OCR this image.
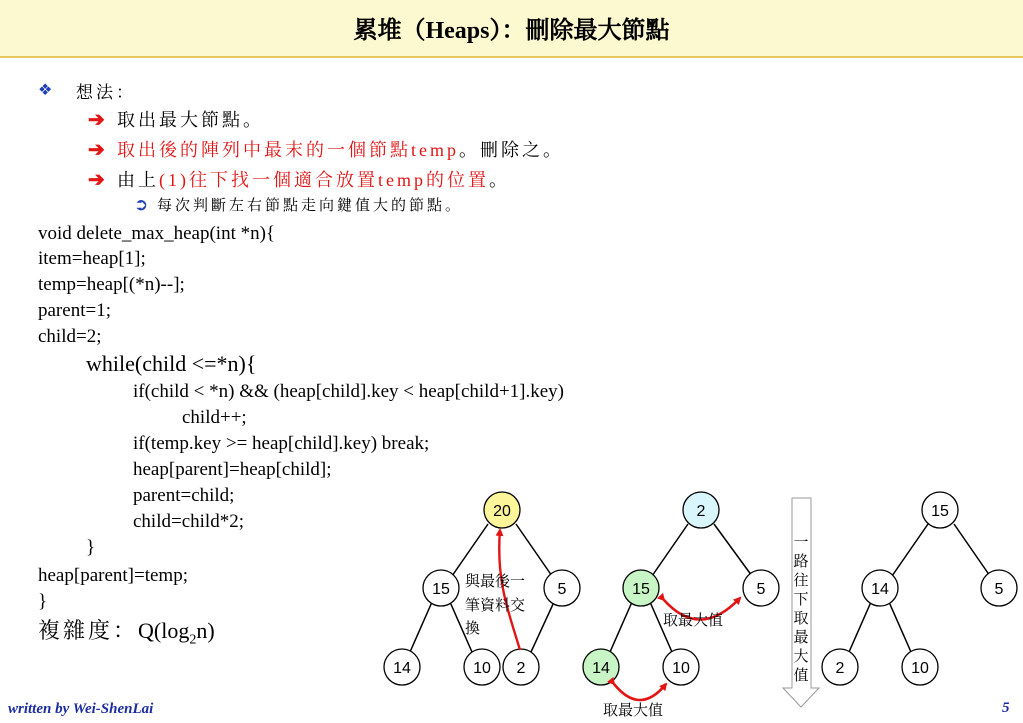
累堆（Heaps）：刪除最大節點
❖ 想法：
➔ 取出最大節點。
➔ 取出後的陣列中最末的一個節點temp。刪除之。
➔ 由上(1)往下找一個適合放置temp的位置。
➲ 每次判斷左右節點走向鍵值大的節點。
void delete_max_heap(int *n){
item=heap[1];
temp=heap[(*n)--];
parent=1;
child=2;
while(child <=*n){
if(child < *n) && (heap[child].key < heap[child+1].key)
child++;
if(temp.key >= heap[child].key) break;
heap[parent]=heap[child];
parent=child;
child=child*2;
}
heap[parent]=temp;
}
複雜度：$Q(\log_2n)$
20
15	5
14	10 2
2
15	5
14	10
15
14	5
2	10
與最後一
筆資料交
換	取最大值
取最大值
一
路
往
下
取
最
大
值
written by Wei-ShenLai	5
